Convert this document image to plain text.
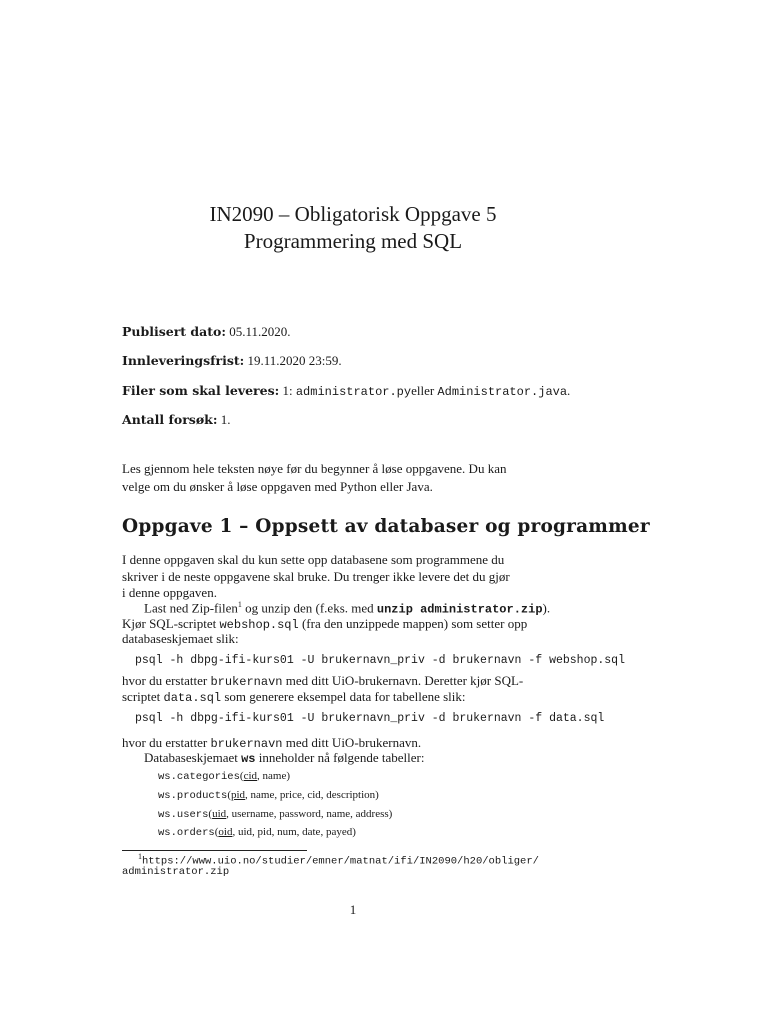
IN2090 – Obligatorisk Oppgave 5
Programmering med SQL
Publisert dato: 05.11.2020.
Innleveringsfrist: 19.11.2020 23:59.
Filer som skal leveres: 1: administrator.pyeller Administrator.java.
Antall forsøk: 1.
Les gjennom hele teksten nøye før du begynner å løse oppgavene. Du kan
velge om du ønsker å løse oppgaven med Python eller Java.
Oppgave 1 – Oppsett av databaser og programmer
I denne oppgaven skal du kun sette opp databasene som programmene du
skriver i de neste oppgavene skal bruke. Du trenger ikke levere det du gjør
i denne oppgaven.
Last ned Zip-filen$^1$ og unzip den (f.eks. med unzip administrator.zip).
Kjør SQL-scriptet webshop.sql (fra den unzippede mappen) som setter opp
databaseskjemaet slik:
psql -h dbpg-ifi-kurs01 -U brukernavn_priv -d brukernavn -f webshop.sql
hvor du erstatter brukernavn med ditt UiO-brukernavn. Deretter kjør SQL-
scriptet data.sql som generere eksempel data for tabellene slik:
psql -h dbpg-ifi-kurs01 -U brukernavn_priv -d brukernavn -f data.sql
hvor du erstatter brukernavn med ditt UiO-brukernavn.
Databaseskjemaet ws inneholder nå følgende tabeller:
ws.categories(cid, name)
ws.products(pid, name, price, cid, description)
ws.users(uid, username, password, name, address)
ws.orders(oid, uid, pid, num, date, payed)
$^1$https://www.uio.no/studier/emner/matnat/ifi/IN2090/h20/obliger/
administrator.zip
1
